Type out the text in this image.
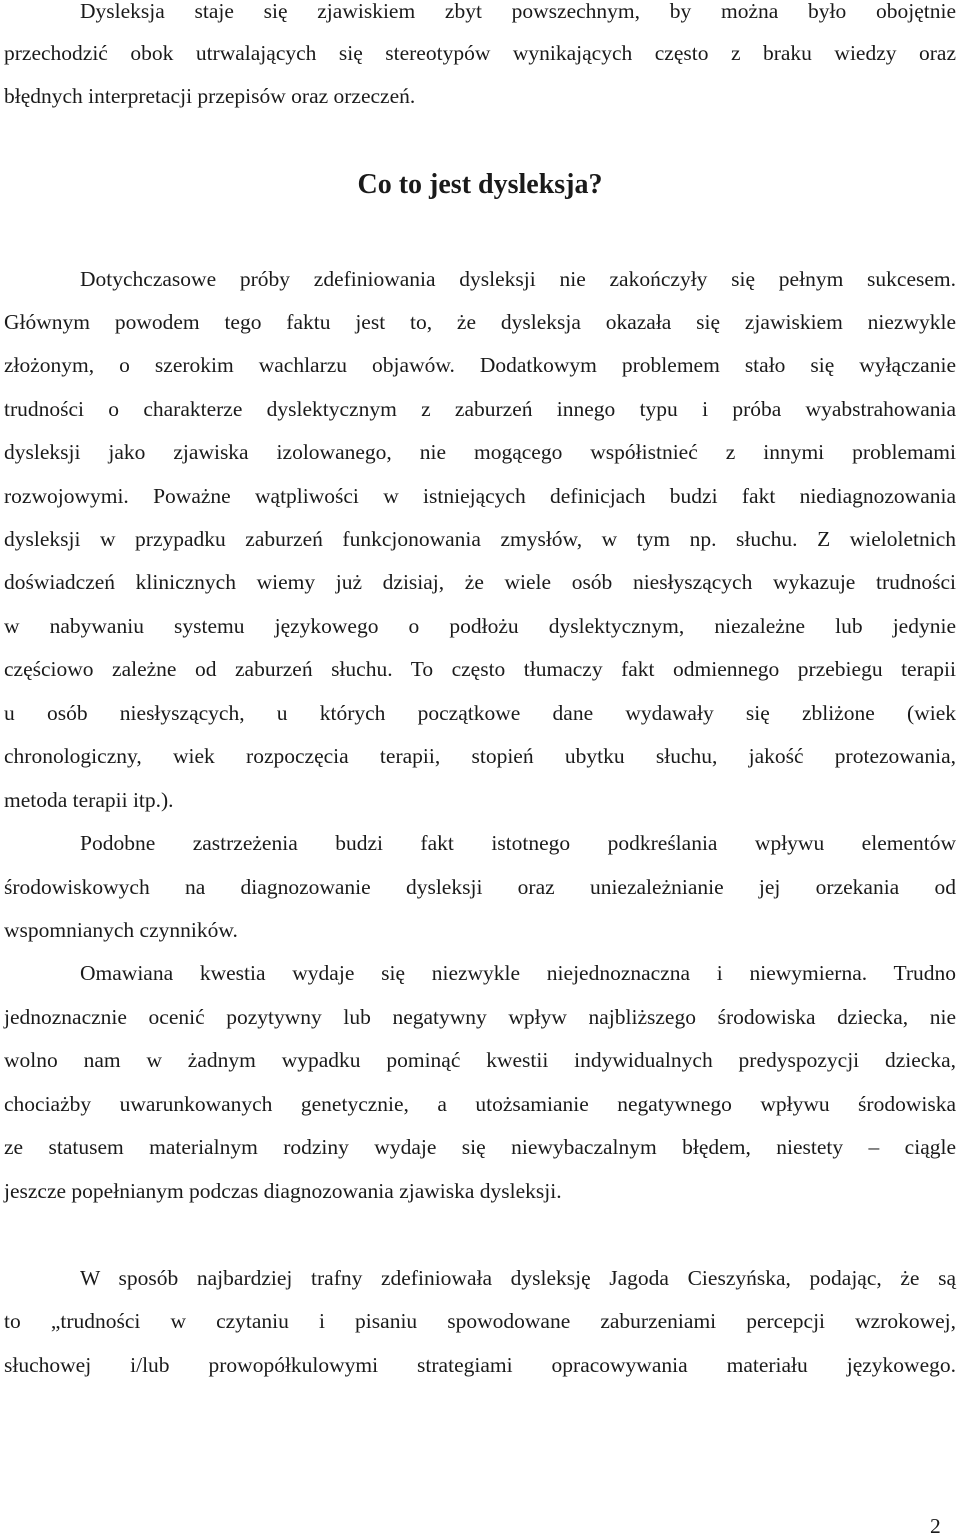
Dysleksja staje się zjawiskiem zbyt powszechnym, by można było obojętnie
przechodzić obok utrwalających się stereotypów wynikających często z braku wiedzy oraz
błędnych interpretacji przepisów oraz orzeczeń.
Co to jest dysleksja?
Dotychczasowe próby zdefiniowania dysleksji nie zakończyły się pełnym sukcesem.
Głównym powodem tego faktu jest to, że dysleksja okazała się zjawiskiem niezwykle
złożonym, o szerokim wachlarzu objawów. Dodatkowym problemem stało się wyłączanie
trudności o charakterze dyslektycznym z zaburzeń innego typu i próba wyabstrahowania
dysleksji jako zjawiska izolowanego, nie mogącego współistnieć z innymi problemami
rozwojowymi. Poważne wątpliwości w istniejących definicjach budzi fakt niediagnozowania
dysleksji w przypadku zaburzeń funkcjonowania zmysłów, w tym np. słuchu. Z wieloletnich
doświadczeń klinicznych wiemy już dzisiaj, że wiele osób niesłyszących wykazuje trudności
w nabywaniu systemu językowego o podłożu dyslektycznym, niezależne lub jedynie
częściowo zależne od zaburzeń słuchu. To często tłumaczy fakt odmiennego przebiegu terapii
u osób niesłyszących, u których początkowe dane wydawały się zbliżone (wiek
chronologiczny, wiek rozpoczęcia terapii, stopień ubytku słuchu, jakość protezowania,
metoda terapii itp.).
Podobne zastrzeżenia budzi fakt istotnego podkreślania wpływu elementów
środowiskowych na diagnozowanie dysleksji oraz uniezależnianie jej orzekania od
wspomnianych czynników.
Omawiana kwestia wydaje się niezwykle niejednoznaczna i niewymierna. Trudno
jednoznacznie ocenić pozytywny lub negatywny wpływ najbliższego środowiska dziecka, nie
wolno nam w żadnym wypadku pominąć kwestii indywidualnych predyspozycji dziecka,
chociażby uwarunkowanych genetycznie, a utożsamianie negatywnego wpływu środowiska
ze statusem materialnym rodziny wydaje się niewybaczalnym błędem, niestety – ciągle
jeszcze popełnianym podczas diagnozowania zjawiska dysleksji.
W sposób najbardziej trafny zdefiniowała dysleksję Jagoda Cieszyńska, podając, że są
to „trudności w czytaniu i pisaniu spowodowane zaburzeniami percepcji wzrokowej,
słuchowej i/lub prowopółkulowymi strategiami opracowywania materiału językowego.
2
